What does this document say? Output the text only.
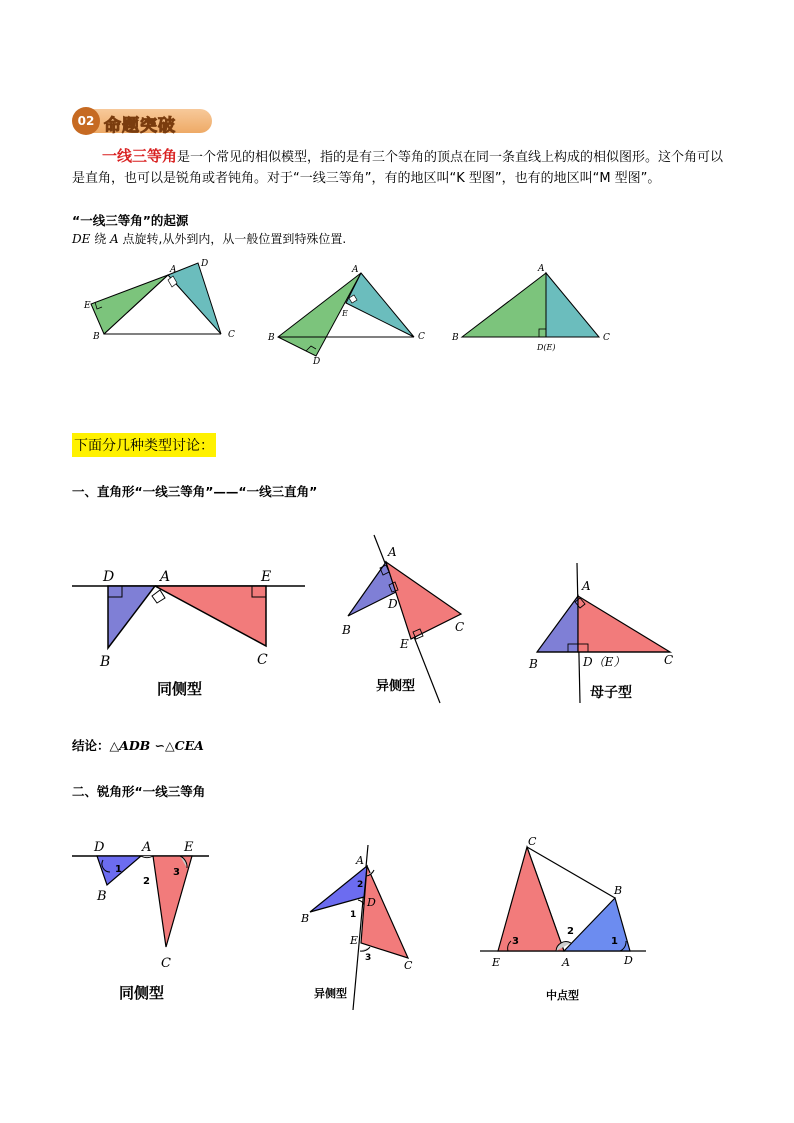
02 命题突破
一线三等角是一个常见的相似模型，指的是有三个等角的顶点在同一条直线上构成的相似图形。这个角可以是直角，也可以是锐角或者钝角。对于“一线三等角”，有的地区叫“K 型图”，也有的地区叫“M 型图”。
“一线三等角”的起源
DE 绕 A 点旋转,从外到内，从一般位置到特殊位置.
下面分几种类型讨论：
一、直角形“一线三等角”——“一线三直角”
结论：△ADB ∽△CEA
二、锐角形“一线三等角
A
D
E
B	C
A
E
B
D
C
A
B	C
D(E)
D	A	E
B	C
同侧型
A
D
B
E
C
异侧型
A
B	C
D（E）
母子型
D	A	E
B
C
1
2
3
同侧型
A
D
B
E
C
2
1
3
异侧型
C
B
E	A	D
3
2
1
中点型
